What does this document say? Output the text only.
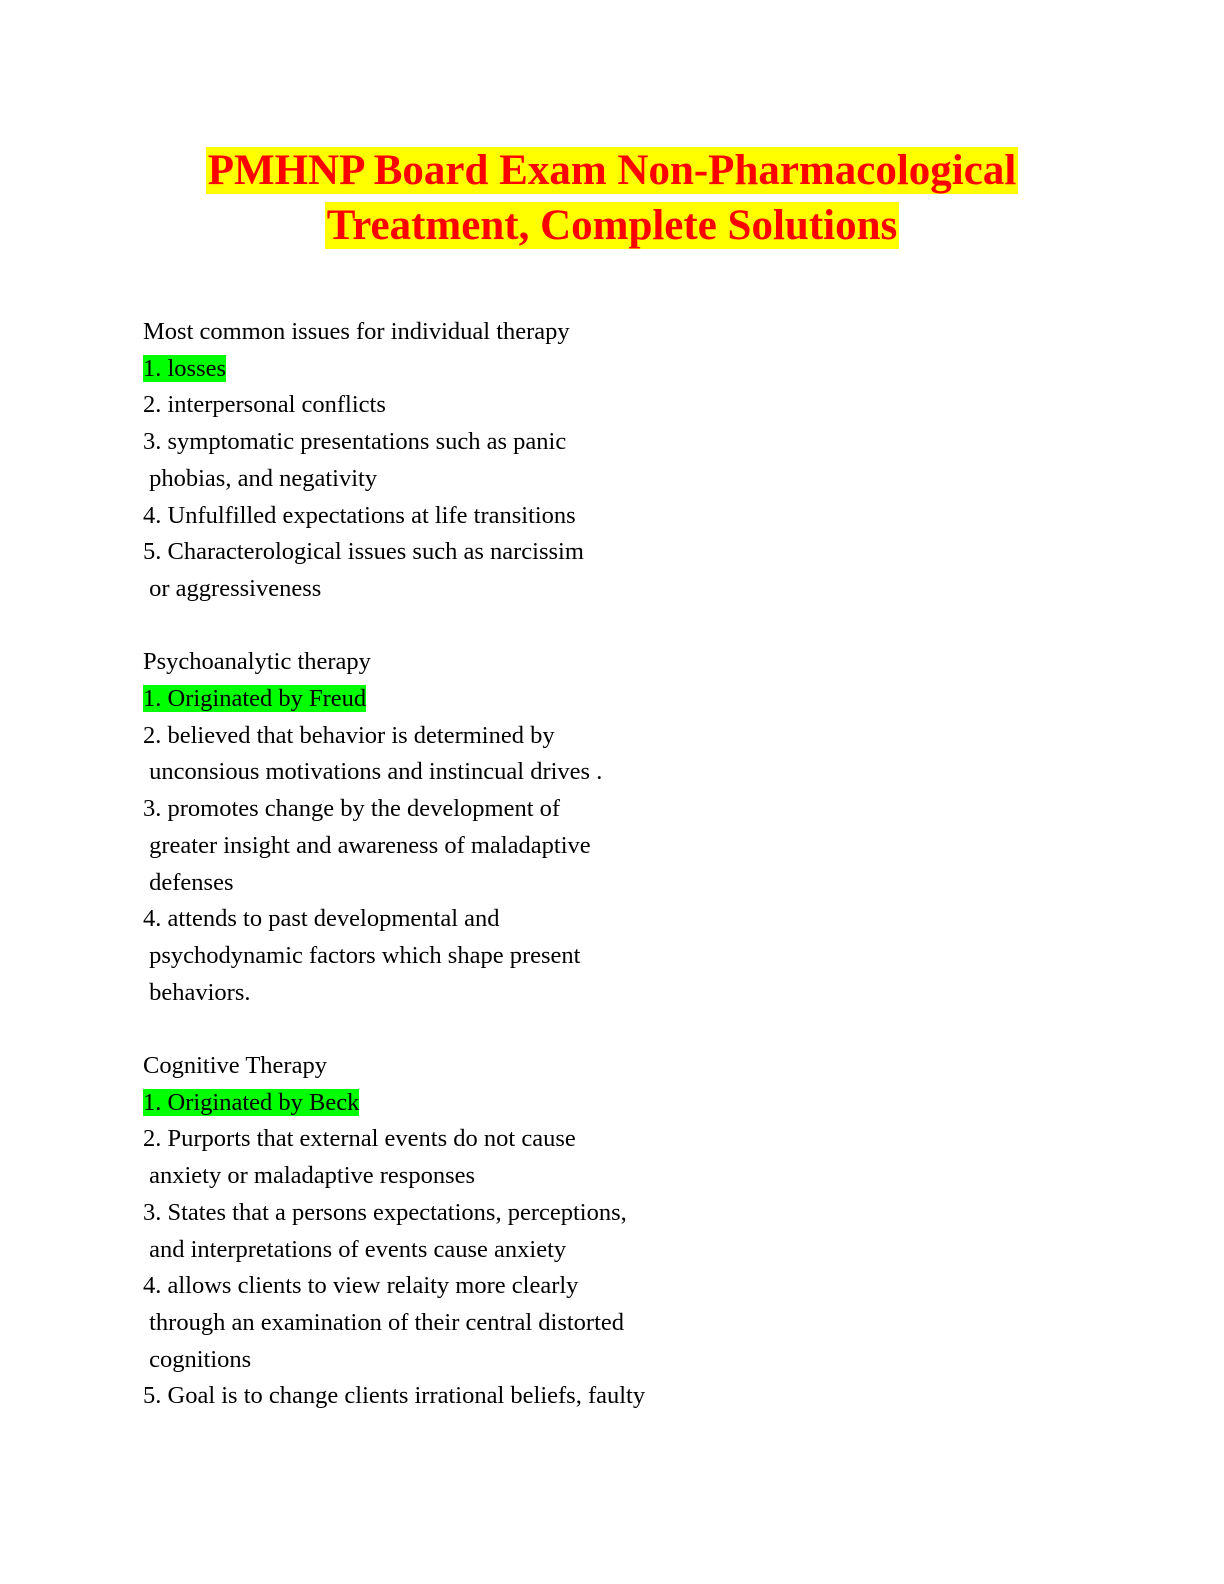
PMHNP Board Exam Non-Pharmacological
Treatment, Complete Solutions
Most common issues for individual therapy
1. losses
2. interpersonal conflicts
3. symptomatic presentations such as panic
phobias, and negativity
4. Unfulfilled expectations at life transitions
5. Characterological issues such as narcissim
or aggressiveness
Psychoanalytic therapy
1. Originated by Freud
2. believed that behavior is determined by
unconsious motivations and instincual drives .
3. promotes change by the development of
greater insight and awareness of maladaptive
defenses
4. attends to past developmental and
psychodynamic factors which shape present
behaviors.
Cognitive Therapy
1. Originated by Beck
2. Purports that external events do not cause
anxiety or maladaptive responses
3. States that a persons expectations, perceptions,
and interpretations of events cause anxiety
4. allows clients to view relaity more clearly
through an examination of their central distorted
cognitions
5. Goal is to change clients irrational beliefs, faulty
